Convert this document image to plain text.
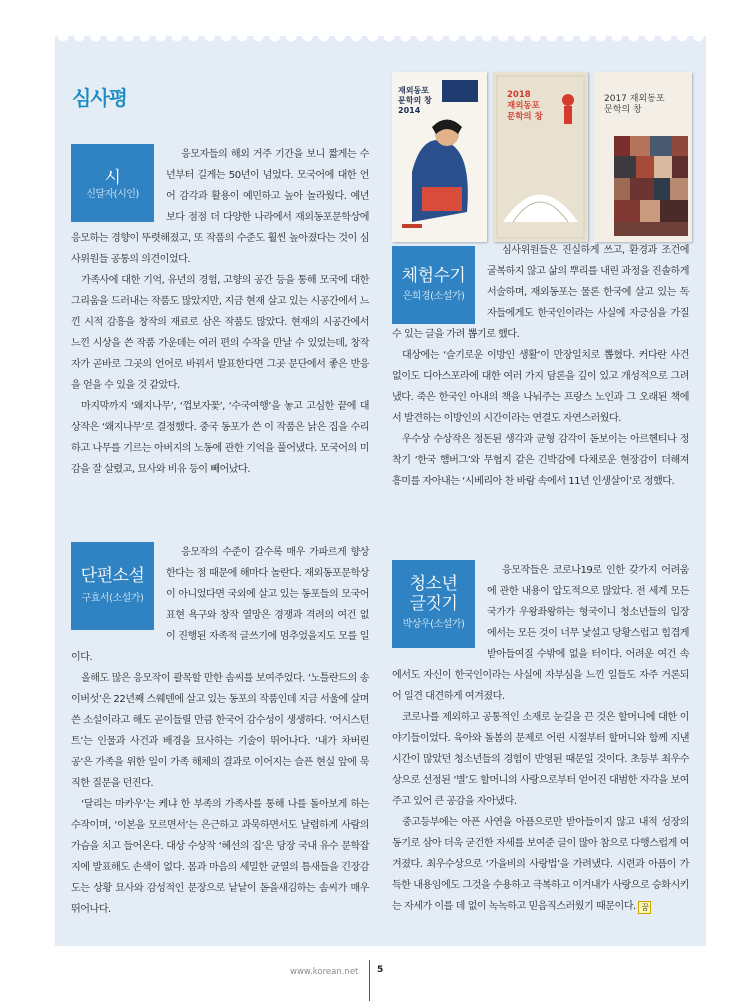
심사평	재외동포
문학의 창
2014
2018
재외동포
문학의 창
2017 재외동포
문학의 창
시
신달자(시인)

응모자들의 해외 거주 기간을 보니 짧게는 수년부터 길게는 50년이 넘었다. 모국어에 대한 언어 감각과 활용이 예민하고 높아 놀라웠다. 예년보다 점점 더 다양한 나라에서 재외동포문학상에 응모하는 경향이 뚜렷해졌고, 또 작품의 수준도 훨씬 높아졌다는 것이 심사위원들 공통의 의견이었다.

가족사에 대한 기억, 유년의 경험, 고향의 공간 등을 통해 모국에 대한 그리움을 드러내는 작품도 많았지만, 지금 현재 살고 있는 시공간에서 느낀 시적 감흥을 창작의 재료로 삼은 작품도 많았다. 현재의 시공간에서 느낀 시상을 쓴 작품 가운데는 여러 편의 수작을 만날 수 있었는데, 창작자가 곧바로 그곳의 언어로 바꿔서 발표한다면 그곳 문단에서 좋은 반응을 얻을 수 있을 것 같았다.

마지막까지 ‘왜지나무’, ‘껍보자꽃’, ‘수국여행’을 놓고 고심한 끝에 대상작은 ‘왜지나무’로 결정했다. 중국 동포가 쓴 이 작품은 낡은 집을 수리하고 나무를 기르는 아버지의 노동에 관한 기억을 풀어냈다. 모국어의 미감을 잘 살렸고, 묘사와 비유 등이 빼어났다.

단편소설
구효서(소설가)

응모작의 수준이 갈수록 매우 가파르게 향상한다는 점 때문에 해마다 놀란다. 재외동포문학상이 아니었다면 국외에 살고 있는 동포들의 모국어 표현 욕구와 창작 열망은 경쟁과 격려의 여건 없이 진행된 자족적 글쓰기에 멈추었을지도 모를 일이다.

올해도 많은 응모작이 괄목할 만한 솜씨를 보여주었다. ‘노틀란드의 송이버섯’은 22년째 스웨덴에 살고 있는 동포의 작품인데 지금 서울에 살며 쓴 소설이라고 해도 곧이들릴 만큼 한국어 감수성이 생생하다. ‘어시스턴트’는 인물과 사건과 배경을 묘사하는 기술이 뛰어나다. ‘내가 차버린 공’은 가족을 위한 일이 가족 해체의 결과로 이어지는 슬픈 현실 앞에 묵직한 질문을 던진다.

‘달리는 마카우’는 케냐 한 부족의 가족사를 통해 나를 돌아보게 하는 수작이며, ‘이본을 모르면서’는 은근하고 과묵하면서도 날렵하게 사람의 가슴을 치고 들어온다. 대상 수상작 ‘혜선의 집’은 당장 국내 유수 문학잡지에 발표해도 손색이 없다. 몸과 마음의 세밀한 균열의 틈새들을 긴장감 도는 상황 묘사와 감성적인 문장으로 낱낱이 돋을새김하는 솜씨가 매우 뛰어나다.

체험수기
은희경(소설가)

심사위원들은 진실하게 쓰고, 환경과 조건에 굴복하지 않고 삶의 뿌리를 내린 과정을 진솔하게 서술하며, 재외동포는 물론 한국에 살고 있는 독자들에게도 한국인이라는 사실에 자긍심을 가질 수 있는 글을 가려 뽑기로 했다.

대상에는 ‘슬기로운 이방인 생활’이 만장일치로 뽑혔다. 커다란 사건 없이도 디아스포라에 대한 여러 가지 담론을 깊이 있고 개성적으로 그려냈다. 죽은 한국인 아내의 책을 나눠주는 프랑스 노인과 그 오래된 책에서 발견하는 이방인의 시간이라는 연결도 자연스러웠다.

우수상 수상작은 정돈된 생각과 균형 감각이 돋보이는 아르헨티나 정착기 ‘한국 햄버그’와 무협지 같은 긴박감에 다채로운 현장감이 더해져 흥미를 자아내는 ‘시베리아 찬 바람 속에서 11년 인생살이’로 정했다.

청소년
글짓기
박상우(소설가)

응모작들은 코로나19로 인한 갖가지 어려움에 관한 내용이 압도적으로 많았다. 전 세계 모든 국가가 우왕좌왕하는 형국이니 청소년들의 입장에서는 모든 것이 너무 낯설고 당황스럽고 힘겹게 받아들여질 수밖에 없을 터이다. 어려운 여건 속에서도 자신이 한국인이라는 사실에 자부심을 느낀 일들도 자주 거론되어 일견 대견하게 여겨졌다.

코로나를 제외하고 공통적인 소재로 눈길을 끈 것은 할머니에 대한 이야기들이었다. 육아와 돌봄의 문제로 어린 시절부터 할머니와 함께 지낸 시간이 많았던 청소년들의 경험이 반영된 때문일 것이다. 초등부 최우수상으로 선정된 ‘별’도 할머니의 사랑으로부터 얻어진 대범한 자각을 보여주고 있어 큰 공감을 자아냈다.

중고등부에는 아픈 사연을 아픔으로만 받아들이지 않고 내적 성장의 동기로 삼아 더욱 굳건한 자세를 보여준 글이 많아 참으로 다행스럽게 여겨졌다. 최우수상으로 ‘가을비의 사랑법’을 가려냈다. 시련과 아픔이 가득한 내용임에도 그것을 수용하고 극복하고 이겨내가 사랑으로 승화시키는 자세가 이를 데 없이 녹녹하고 믿음직스러웠기 때문이다. 꿈

www.korean.net 5
